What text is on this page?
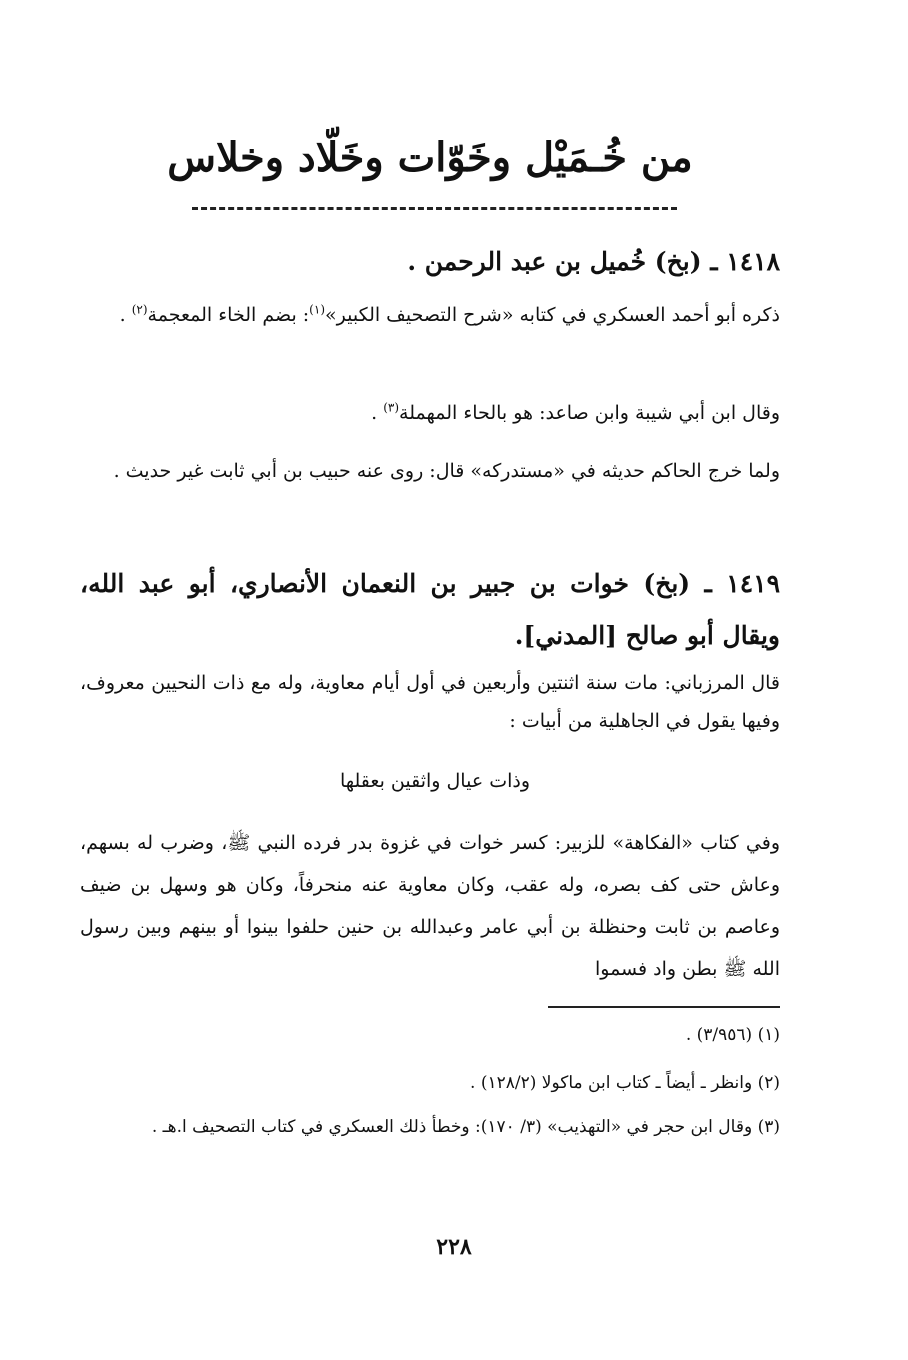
من خُـمَيْل وخَوّات وخَلّاد وخلاس
١٤١٨ ـ (بخ) خُميل بن عبد الرحمن .
ذكره أبو أحمد العسكري في كتابه «شرح التصحيف الكبير»$^{(١)}$: بضم الخاء المعجمة$^{(٢)}$ .
وقال ابن أبي شيبة وابن صاعد: هو بالحاء المهملة$^{(٣)}$ .
ولما خرج الحاكم حديثه في «مستدركه» قال: روى عنه حبيب بن أبي ثابت غير حديث .
١٤١٩ ـ (بخ) خوات بن جبير بن النعمان الأنصاري، أبو عبد الله، ويقال أبو صالح [المدني].
قال المرزباني: مات سنة اثنتين وأربعين في أول أيام معاوية، وله مع ذات النحيين معروف، وفيها يقول في الجاهلية من أبيات :
وذات عيال واثقين بعقلها
وفي كتاب «الفكاهة» للزبير: كسر خوات في غزوة بدر فرده النبي ﷺ، وضرب له بسهم، وعاش حتى كف بصره، وله عقب، وكان معاوية عنه منحرفاً، وكان هو وسهل بن ضيف وعاصم بن ثابت وحنظلة بن أبي عامر وعبدالله بن حنين حلفوا بينوا أو بينهم وبين رسول الله ﷺ بطن واد فسموا
(١) (٣/٩٥٦) .
(٢) وانظر ـ أيضاً ـ كتاب ابن ماكولا (١٢٨/٢) .
(٣) وقال ابن حجر في «التهذيب» (٣/ ١٧٠): وخطأ ذلك العسكري في كتاب التصحيف ا.هـ .
٢٢٨
